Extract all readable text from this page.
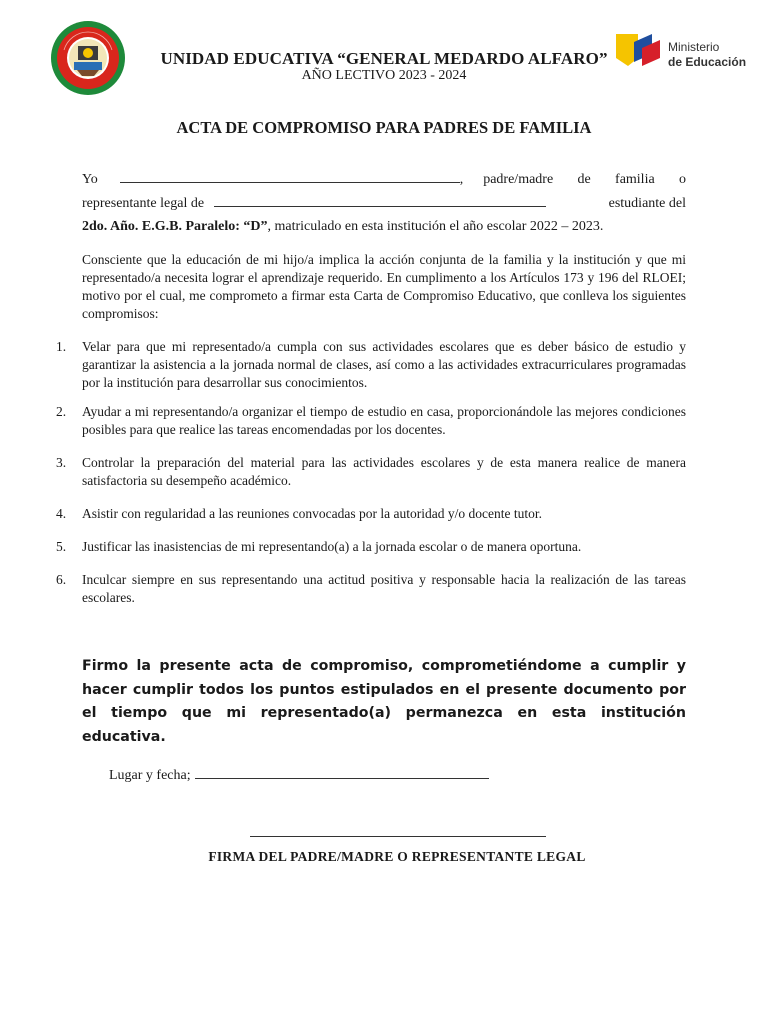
Ministerio
de Educación
UNIDAD EDUCATIVA “GENERAL MEDARDO ALFARO”
AÑO LECTIVO 2023 - 2024
ACTA DE COMPROMISO PARA PADRES DE FAMILIA
Yo	, padre/madre de familia o
representante legal de	estudiante del
2do. Año. E.G.B. Paralelo: “D”, matriculado en esta institución el año escolar 2022 – 2023.
Consciente que la educación de mi hijo/a implica la acción conjunta de la familia y la institución y que mi representado/a necesita lograr el aprendizaje requerido. En cumplimento a los Artículos 173 y 196 del RLOEI; motivo por el cual, me comprometo a firmar esta Carta de Compromiso Educativo, que conlleva los siguientes compromisos:
1.	Velar para que mi representado/a cumpla con sus actividades escolares que es deber básico de estudio y garantizar la asistencia a la jornada normal de clases, así como a las actividades extracurriculares programadas por la institución para desarrollar sus conocimientos.
2.	Ayudar a mi representando/a organizar el tiempo de estudio en casa, proporcionándole las mejores condiciones posibles para que realice las tareas encomendadas por los docentes.
3.	Controlar la preparación del material para las actividades escolares y de esta manera realice de manera satisfactoria su desempeño académico.
4.	Asistir con regularidad a las reuniones convocadas por la autoridad y/o docente tutor.
5.	Justificar las inasistencias de mi representando(a) a la jornada escolar o de manera oportuna.
6.	Inculcar siempre en sus representando una actitud positiva y responsable hacia la realización de las tareas escolares.
Firmo la presente acta de compromiso, comprometiéndome a cumplir y hacer cumplir todos los puntos estipulados en el presente documento por el tiempo que mi representado(a) permanezca en esta institución educativa.
Lugar y fecha;
FIRMA DEL PADRE/MADRE O REPRESENTANTE LEGAL
